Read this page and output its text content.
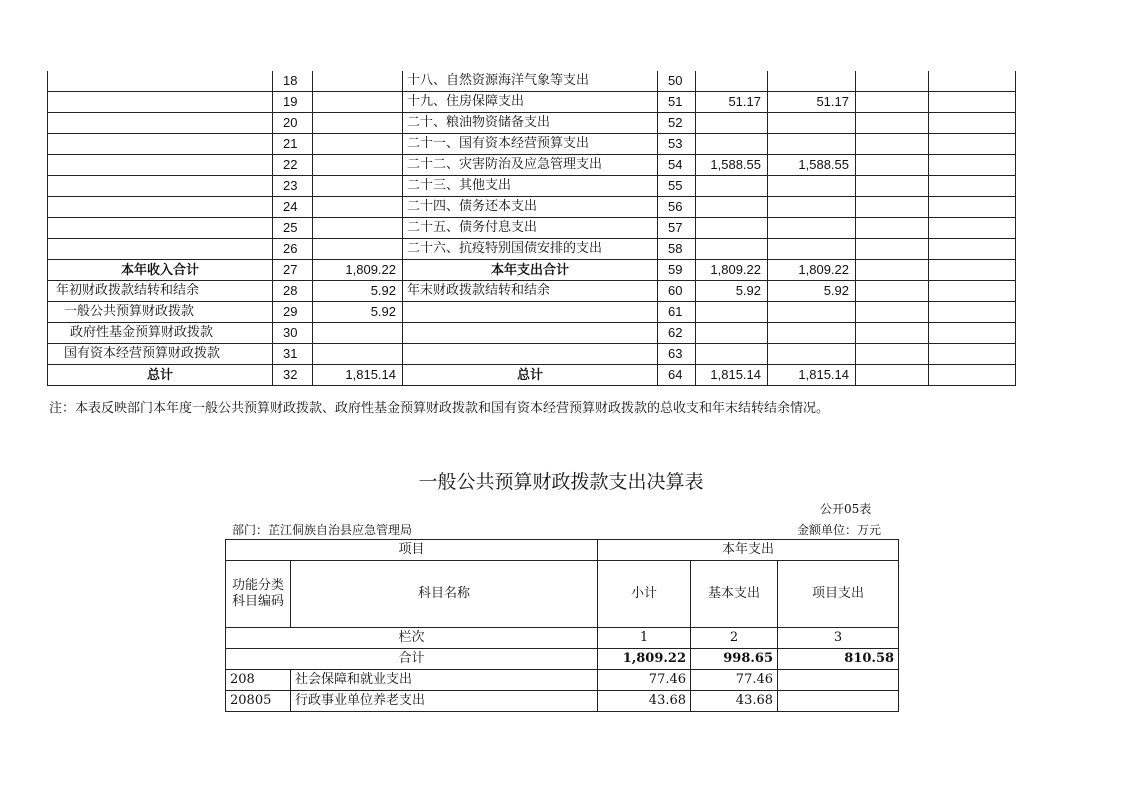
	18		十八、自然资源海洋气象等支出	50				
	19		十九、住房保障支出	51	51.17	51.17		
	20		二十、粮油物资储备支出	52				
	21		二十一、国有资本经营预算支出	53				
	22		二十二、灾害防治及应急管理支出	54	1,588.55	1,588.55		
	23		二十三、其他支出	55				
	24		二十四、债务还本支出	56				
	25		二十五、债务付息支出	57				
	26		二十六、抗疫特别国债安排的支出	58				
本年收入合计	27	1,809.22	本年支出合计	59	1,809.22	1,809.22		
年初财政拨款结转和结余	28	5.92	年末财政拨款结转和结余	60	5.92	5.92		
一般公共预算财政拨款	29	5.92		61				
政府性基金预算财政拨款	30			62				
国有资本经营预算财政拨款	31			63				
总计	32	1,815.14	总计	64	1,815.14	1,815.14		
注：本表反映部门本年度一般公共预算财政拨款、政府性基金预算财政拨款和国有资本经营预算财政拨款的总收支和年末结转结余情况。
一般公共预算财政拨款支出决算表
公开05表
部门：芷江侗族自治县应急管理局	金额单位：万元
项目		本年支出		
功能分类科目编码	科目名称	小计	基本支出	项目支出
栏次		1	2	3
合计		1,809.22	998.65	810.58
208	社会保障和就业支出	77.46	77.46	
20805	行政事业单位养老支出	43.68	43.68	
